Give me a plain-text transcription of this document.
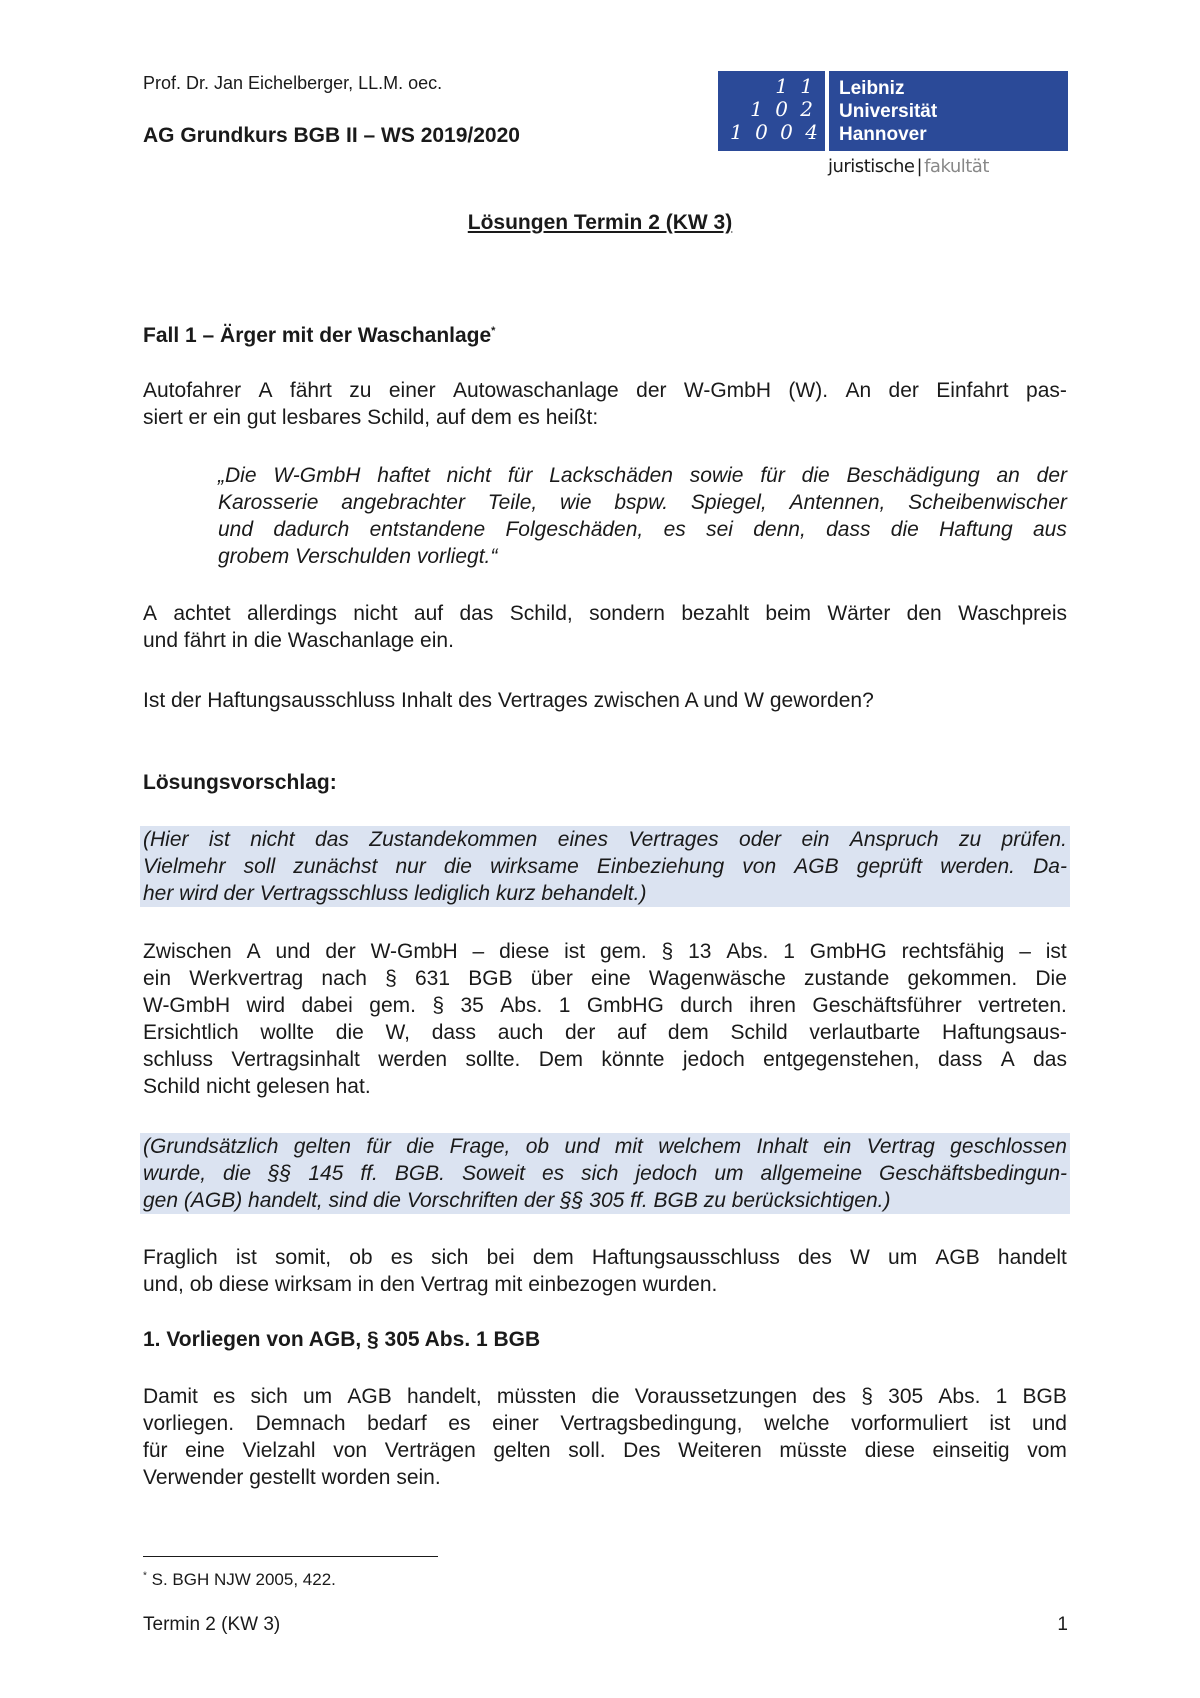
Prof. Dr. Jan Eichelberger, LL.M. oec.
AG Grundkurs BGB II – WS 2019/2020
1 1
1 0 2
1 0 0 4
Leibniz
Universität
Hannover
juristische | fakultät
Lösungen Termin 2 (KW 3)
Fall 1 – Ärger mit der Waschanlage*
Autofahrer A fährt zu einer Autowaschanlage der W-GmbH (W). An der Einfahrt pas-
siert er ein gut lesbares Schild, auf dem es heißt:
„Die W-GmbH haftet nicht für Lackschäden sowie für die Beschädigung an der
Karosserie angebrachter Teile, wie bspw. Spiegel, Antennen, Scheibenwischer
und dadurch entstandene Folgeschäden, es sei denn, dass die Haftung aus
grobem Verschulden vorliegt.“
A achtet allerdings nicht auf das Schild, sondern bezahlt beim Wärter den Waschpreis
und fährt in die Waschanlage ein.
Ist der Haftungsausschluss Inhalt des Vertrages zwischen A und W geworden?
Lösungsvorschlag:
(Hier ist nicht das Zustandekommen eines Vertrages oder ein Anspruch zu prüfen.
Vielmehr soll zunächst nur die wirksame Einbeziehung von AGB geprüft werden. Da-
her wird der Vertragsschluss lediglich kurz behandelt.)
Zwischen A und der W-GmbH – diese ist gem. § 13 Abs. 1 GmbHG rechtsfähig – ist
ein Werkvertrag nach § 631 BGB über eine Wagenwäsche zustande gekommen. Die
W-GmbH wird dabei gem. § 35 Abs. 1 GmbHG durch ihren Geschäftsführer vertreten.
Ersichtlich wollte die W, dass auch der auf dem Schild verlautbarte Haftungsaus-
schluss Vertragsinhalt werden sollte. Dem könnte jedoch entgegenstehen, dass A das
Schild nicht gelesen hat.
(Grundsätzlich gelten für die Frage, ob und mit welchem Inhalt ein Vertrag geschlossen
wurde, die §§ 145 ff. BGB. Soweit es sich jedoch um allgemeine Geschäftsbedingun-
gen (AGB) handelt, sind die Vorschriften der §§ 305 ff. BGB zu berücksichtigen.)
Fraglich ist somit, ob es sich bei dem Haftungsausschluss des W um AGB handelt
und, ob diese wirksam in den Vertrag mit einbezogen wurden.
1. Vorliegen von AGB, § 305 Abs. 1 BGB
Damit es sich um AGB handelt, müssten die Voraussetzungen des § 305 Abs. 1 BGB
vorliegen. Demnach bedarf es einer Vertragsbedingung, welche vorformuliert ist und
für eine Vielzahl von Verträgen gelten soll. Des Weiteren müsste diese einseitig vom
Verwender gestellt worden sein.
* S. BGH NJW 2005, 422.
Termin 2 (KW 3)	1
